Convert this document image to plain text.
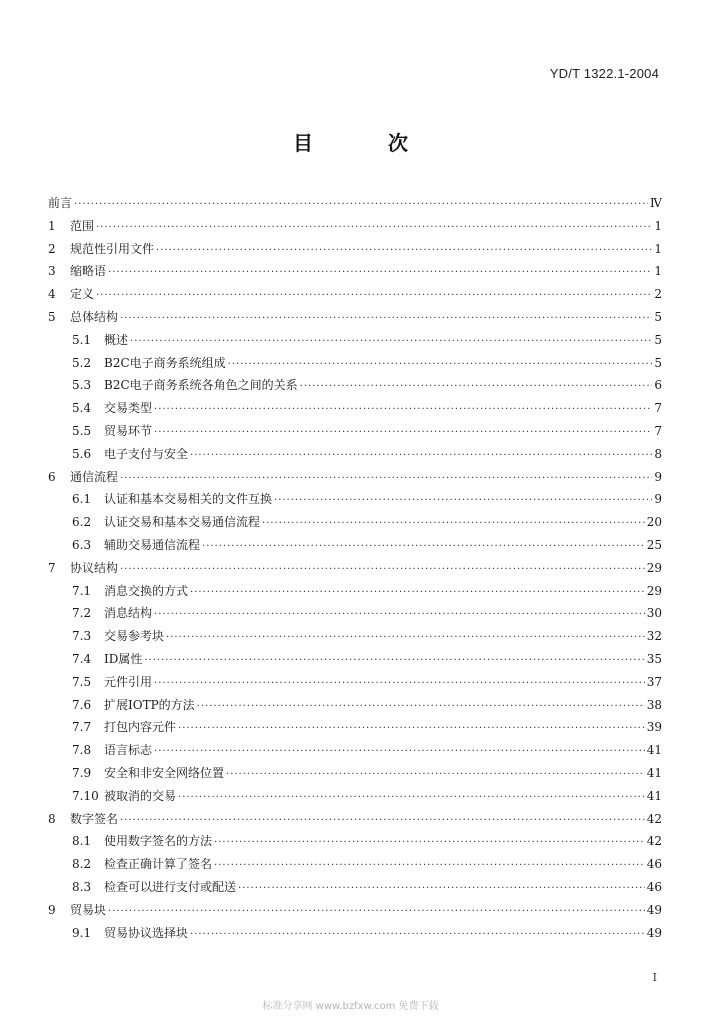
YD/T 1322.1-2004
目 次
前 言 ·····	Ⅳ
1	范围 ·····	1
2	规范性引用文件 ·····	1
3	缩略语 ·····	1
4	定义 ·····	2
5	总体结构 ·····	5
5.1	概述 ·····	5
5.2	B2C电子商务系统组成 ·····	5
5.3	B2C电子商务系统各角色之间的关系 ·····	6
5.4	交易类型 ·····	7
5.5	贸易环节 ·····	7
5.6	电子支付与安全 ·····	8
6	通信流程 ·····	9
6.1	认证和基本交易相关的文件互换 ·····	9
6.2	认证交易和基本交易通信流程 ·····	20
6.3	辅助交易通信流程 ·····	25
7	协议结构 ·····	29
7.1	消息交换的方式 ·····	29
7.2	消息结构 ·····	30
7.3	交易参考块 ·····	32
7.4	ID属性 ·····	35
7.5	元件引用 ·····	37
7.6	扩展IOTP的方法 ·····	38
7.7	打包内容元件 ·····	39
7.8	语言标志 ·····	41
7.9	安全和非安全网络位置 ·····	41
7.10 被取消的交易 ·····	41
8	数字签名 ·····	42
8.1	使用数字签名的方法 ·····	42
8.2	检查正确计算了签名 ·····	46
8.3	检查可以进行支付或配送 ·····	46
9	贸易块 ·····	49
9.1	贸易协议选择块 ·····	49
I
标准分享网 www.bzfxw.com 免费下载
